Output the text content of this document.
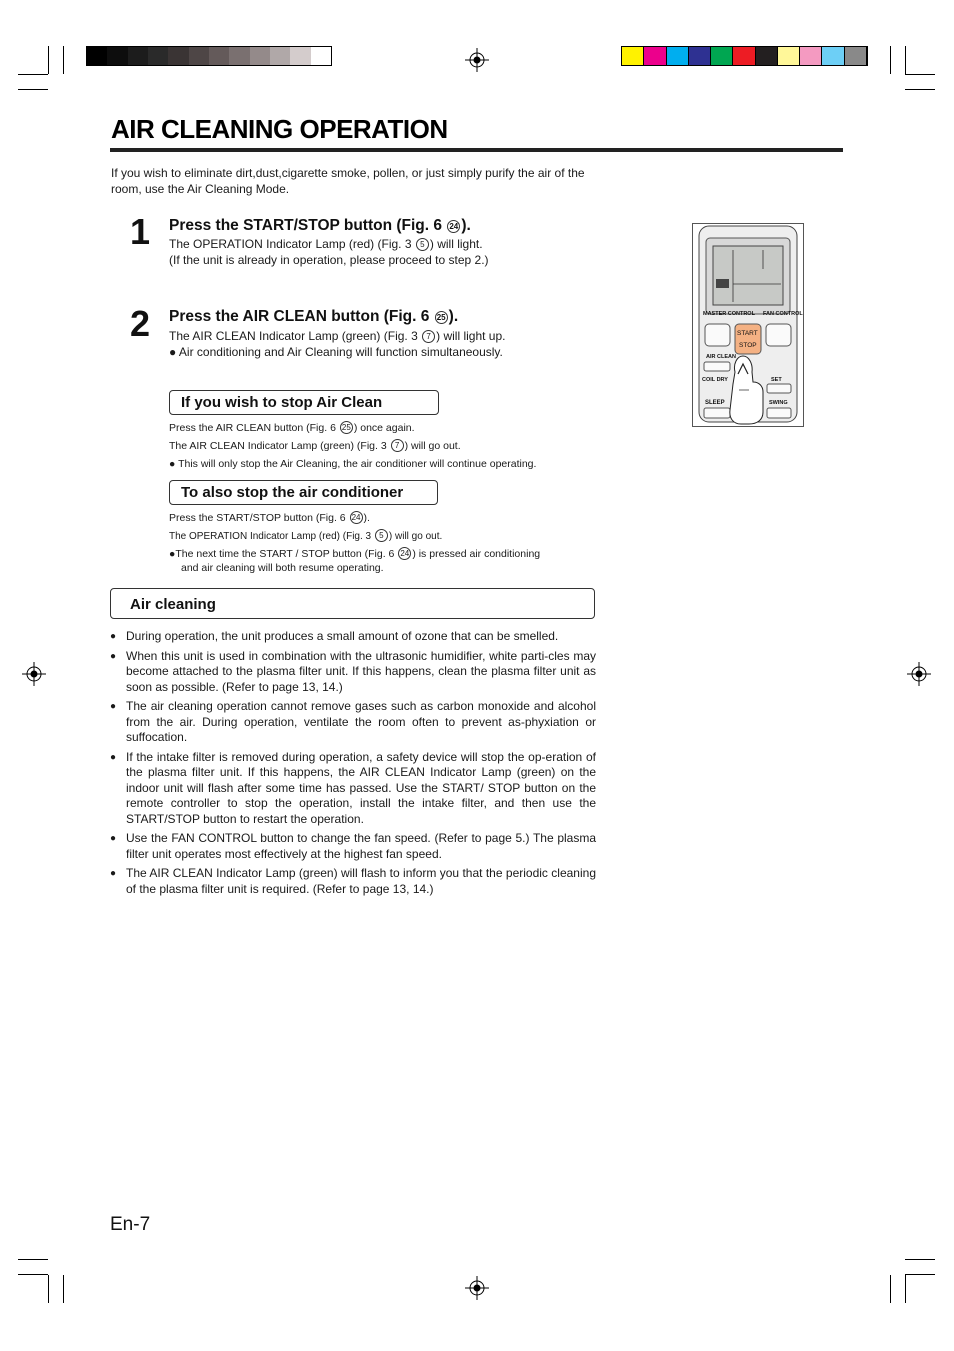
AIR CLEANING OPERATION
If you wish to eliminate dirt,dust,cigarette smoke, pollen, or just simply purify the air of the room, use the Air Cleaning Mode.
1 Press the START/STOP button (Fig. 6 24 ).
The OPERATION Indicator Lamp (red) (Fig. 3 5 ) will light.
(If the unit is already in operation, please proceed to step 2.)
2 Press the AIR CLEAN button (Fig. 6 25 ).
The AIR CLEAN Indicator Lamp (green) (Fig. 3 7 ) will light up.
● Air conditioning and Air Cleaning will function simultaneously.
If you wish to stop Air Clean
Press the AIR CLEAN button (Fig. 6 25 ) once again.
The AIR CLEAN Indicator Lamp (green) (Fig. 3 7 ) will go out.
● This will only stop the Air Cleaning, the air conditioner will continue operating.
To also stop the air conditioner
Press the START/STOP button (Fig. 6 24 ).
The OPERATION Indicator Lamp (red) (Fig. 3 5 ) will go out.
●The next time the START / STOP button (Fig. 6 24 ) is pressed air conditioning
and air cleaning will both resume operating.
Air cleaning
● During operation, the unit produces a small amount of ozone that can be smelled.
● When this unit is used in combination with the ultrasonic humidifier, white parti-cles may become attached to the plasma filter unit. If this happens, clean the plasma filter unit as soon as possible. (Refer to page 13, 14.)
● The air cleaning operation cannot remove gases such as carbon monoxide and alcohol from the air. During operation, ventilate the room often to prevent as-phyxiation or suffocation.
● If the intake filter is removed during operation, a safety device will stop the op-eration of the plasma filter unit. If this happens, the AIR CLEAN Indicator Lamp (green) on the indoor unit will flash after some time has passed. Use the START/ STOP button on the remote controller to stop the operation, install the intake filter, and then use the START/STOP button to restart the operation.
● Use the FAN CONTROL button to change the fan speed. (Refer to page 5.) The plasma filter unit operates most effectively at the highest fan speed.
● The AIR CLEAN Indicator Lamp (green) will flash to inform you that the periodic cleaning of the plasma filter unit is required. (Refer to page 13, 14.)
MASTER CONTROL FAN CONTROL
START
STOP
AIR CLEAN
COIL DRY	SET
SLEEP	SWING
En-7
